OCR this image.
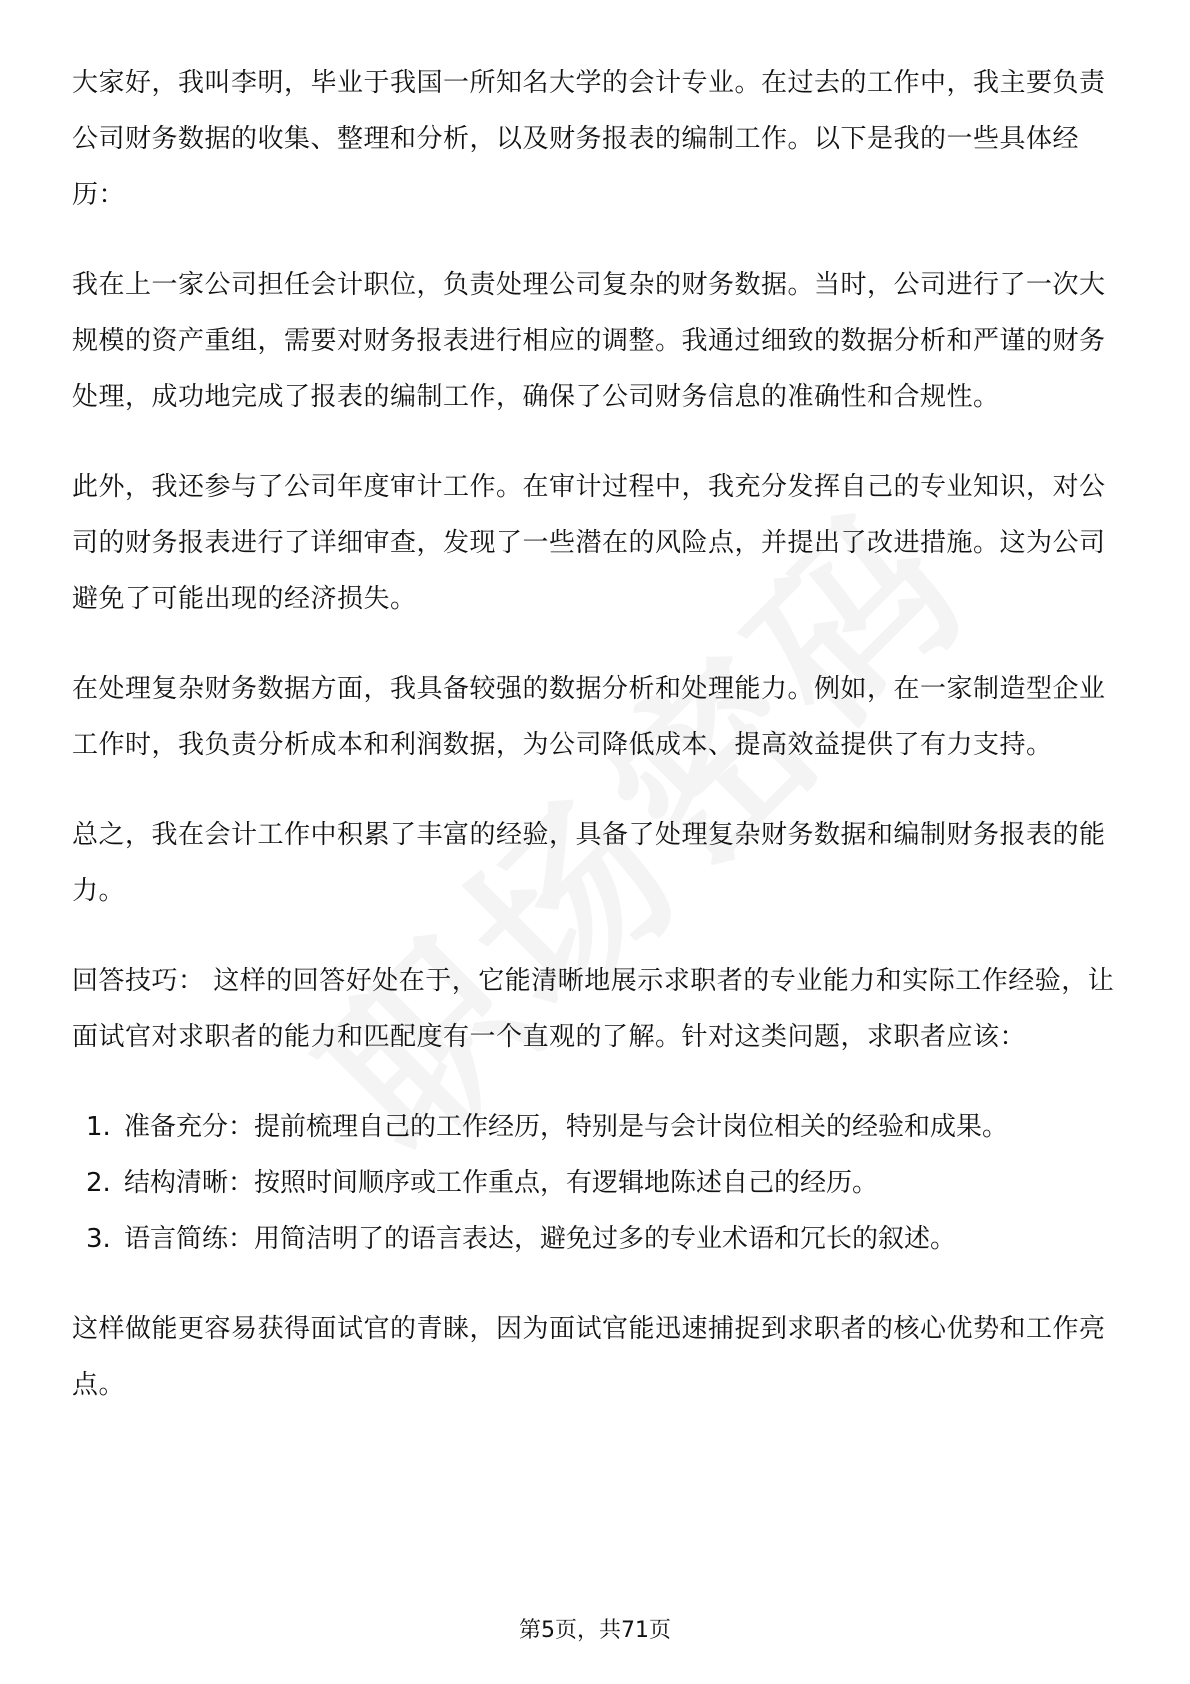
大家好，我叫李明，毕业于我国一所知名大学的会计专业。在过去的工作中，我主要负责公司财务数据的收集、整理和分析，以及财务报表的编制工作。以下是我的一些具体经历：

我在上一家公司担任会计职位，负责处理公司复杂的财务数据。当时，公司进行了一次大规模的资产重组，需要对财务报表进行相应的调整。我通过细致的数据分析和严谨的财务处理，成功地完成了报表的编制工作，确保了公司财务信息的准确性和合规性。

此外，我还参与了公司年度审计工作。在审计过程中，我充分发挥自己的专业知识，对公司的财务报表进行了详细审查，发现了一些潜在的风险点，并提出了改进措施。这为公司避免了可能出现的经济损失。

在处理复杂财务数据方面，我具备较强的数据分析和处理能力。例如，在一家制造型企业工作时，我负责分析成本和利润数据，为公司降低成本、提高效益提供了有力支持。

总之，我在会计工作中积累了丰富的经验，具备了处理复杂财务数据和编制财务报表的能力。

回答技巧： 这样的回答好处在于，它能清晰地展示求职者的专业能力和实际工作经验，让面试官对求职者的能力和匹配度有一个直观的了解。针对这类问题，求职者应该：

1. 准备充分：提前梳理自己的工作经历，特别是与会计岗位相关的经验和成果。
2. 结构清晰：按照时间顺序或工作重点，有逻辑地陈述自己的经历。
3. 语言简练：用简洁明了的语言表达，避免过多的专业术语和冗长的叙述。

这样做能更容易获得面试官的青睐，因为面试官能迅速捕捉到求职者的核心优势和工作亮点。

第5页，共71页
